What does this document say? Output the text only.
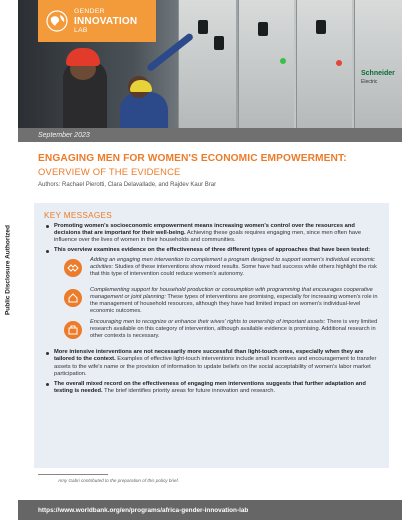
Public Disclosure Authorized
Schneider
Electric
GENDER
INNOVATION
LAB
September 2023
ENGAGING MEN FOR WOMEN'S ECONOMIC EMPOWERMENT:
OVERVIEW OF THE EVIDENCE
Authors: Rachael Pierotti, Clara Delavallade, and Rajdev Kaur Brar
KEY MESSAGES
Promoting women's socioeconomic empowerment means increasing women's control over the resources and decisions that are important for their well-being. Achieving these goals requires engaging men, since men often have influence over the lives of women in their households and communities.
This overview examines evidence on the effectiveness of three different types of approaches that have been tested:
Adding an engaging men intervention to complement a program designed to support women's individual economic activities: Studies of these interventions show mixed results. Some have had success while others highlight the risk that this type of intervention could reduce women's autonomy.
Complementing support for household production or consumption with programming that encourages cooperative management or joint planning: These types of interventions are promising, especially for increasing women's role in the management of household resources, although they have had limited impact on women's individual-level economic outcomes.
Encouraging men to recognize or enhance their wives' rights to ownership of important assets: There is very limited research available on this category of intervention, although available evidence is promising. Additional research in other contexts is necessary.
More intensive interventions are not necessarily more successful than light-touch ones, especially when they are tailored to the context. Examples of effective light-touch interventions include small incentives and encouragement to transfer assets to the wife's name or the provision of information to update beliefs on the social acceptability of women's labor market participation.
The overall mixed record on the effectiveness of engaging men interventions suggests that further adaptation and testing is needed. The brief identifies priority areas for future innovation and research.
Amy Gabri contributed to the preparation of this policy brief.
https://www.worldbank.org/en/programs/africa-gender-innovation-lab
